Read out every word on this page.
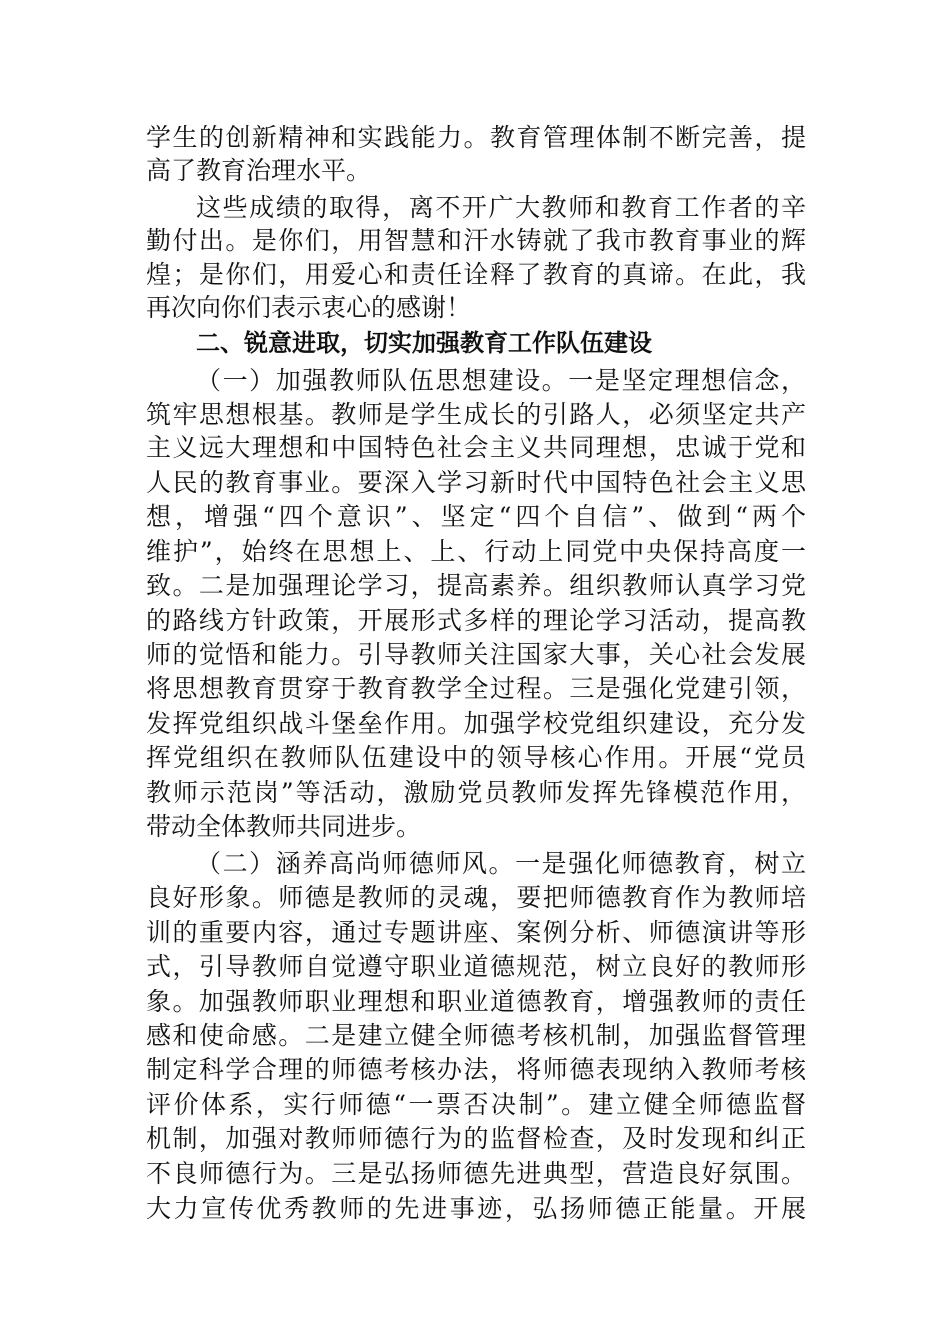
学生的创新精神和实践能力。教育管理体制不断完善，提
高了教育治理水平。
这些成绩的取得，离不开广大教师和教育工作者的辛
勤付出。是你们，用智慧和汗水铸就了我市教育事业的辉
煌；是你们，用爱心和责任诠释了教育的真谛。在此，我
再次向你们表示衷心的感谢！
二、锐意进取，切实加强教育工作队伍建设
（一）加强教师队伍思想建设。一是坚定理想信念，
筑牢思想根基。教师是学生成长的引路人，必须坚定共产
主义远大理想和中国特色社会主义共同理想，忠诚于党和
人民的教育事业。要深入学习新时代中国特色社会主义思
想，增强“四个意识”、坚定“四个自信”、做到“两个
维护”，始终在思想上、上、行动上同党中央保持高度一
致。二是加强理论学习，提高素养。组织教师认真学习党
的路线方针政策，开展形式多样的理论学习活动，提高教
师的觉悟和能力。引导教师关注国家大事，关心社会发展
将思想教育贯穿于教育教学全过程。三是强化党建引领，
发挥党组织战斗堡垒作用。加强学校党组织建设，充分发
挥党组织在教师队伍建设中的领导核心作用。开展“党员
教师示范岗”等活动，激励党员教师发挥先锋模范作用，
带动全体教师共同进步。
（二）涵养高尚师德师风。一是强化师德教育，树立
良好形象。师德是教师的灵魂，要把师德教育作为教师培
训的重要内容，通过专题讲座、案例分析、师德演讲等形
式，引导教师自觉遵守职业道德规范，树立良好的教师形
象。加强教师职业理想和职业道德教育，增强教师的责任
感和使命感。二是建立健全师德考核机制，加强监督管理
制定科学合理的师德考核办法，将师德表现纳入教师考核
评价体系，实行师德“一票否决制”。建立健全师德监督
机制，加强对教师师德行为的监督检查，及时发现和纠正
不良师德行为。三是弘扬师德先进典型，营造良好氛围。
大力宣传优秀教师的先进事迹，弘扬师德正能量。开展
